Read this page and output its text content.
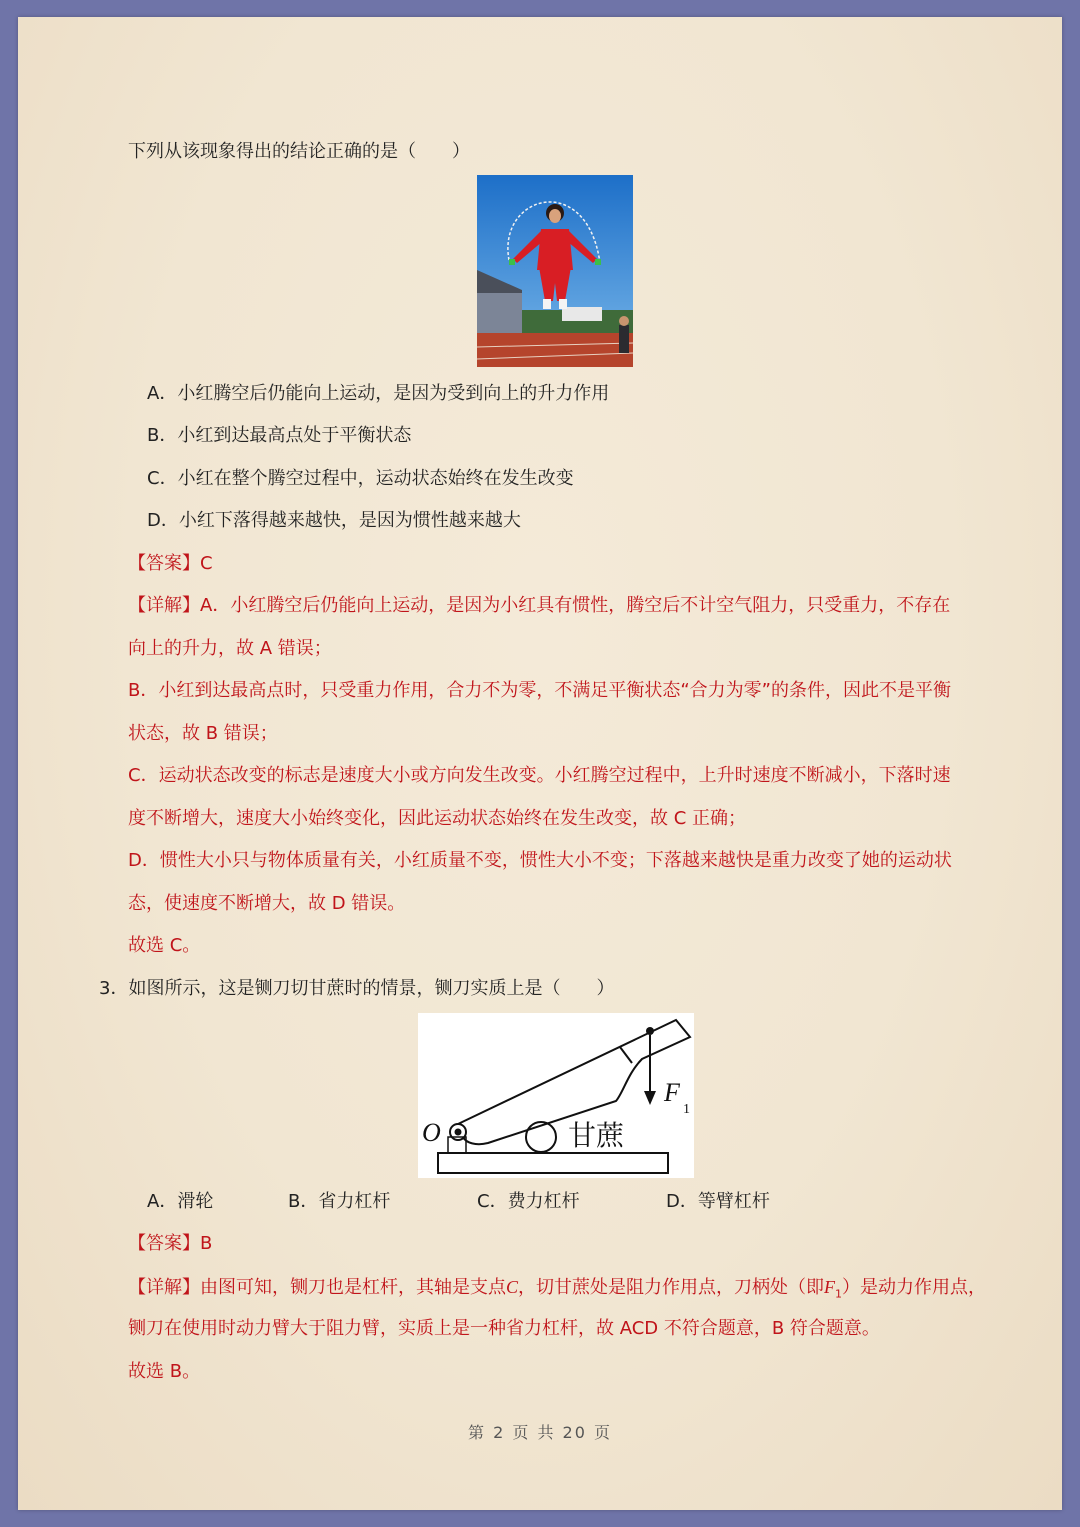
下列从该现象得出的结论正确的是（　　）
A．小红腾空后仍能向上运动，是因为受到向上的升力作用
B．小红到达最高点处于平衡状态
C．小红在整个腾空过程中，运动状态始终在发生改变
D．小红下落得越来越快，是因为惯性越来越大
【答案】C
【详解】A．小红腾空后仍能向上运动，是因为小红具有惯性，腾空后不计空气阻力，只受重力，不存在
向上的升力，故 A 错误；
B．小红到达最高点时，只受重力作用，合力不为零，不满足平衡状态“合力为零”的条件，因此不是平衡
状态，故 B 错误；
C．运动状态改变的标志是速度大小或方向发生改变。小红腾空过程中，上升时速度不断减小，下落时速
度不断增大，速度大小始终变化，因此运动状态始终在发生改变，故 C 正确；
D．惯性大小只与物体质量有关，小红质量不变，惯性大小不变；下落越来越快是重力改变了她的运动状
态，使速度不断增大，故 D 错误。
故选 C。
3．如图所示，这是铡刀切甘蔗时的情景，铡刀实质上是（　　）
O
F
1
甘蔗
A．滑轮	B．省力杠杆	C．费力杠杆	D．等臂杠杆
【答案】B
【详解】由图可知，铡刀也是杠杆，其轴是支点C，切甘蔗处是阻力作用点，刀柄处（即$F_1$）是动力作用点，
铡刀在使用时动力臂大于阻力臂，实质上是一种省力杠杆，故 ACD 不符合题意，B 符合题意。
故选 B。
第 2 页 共 20 页
